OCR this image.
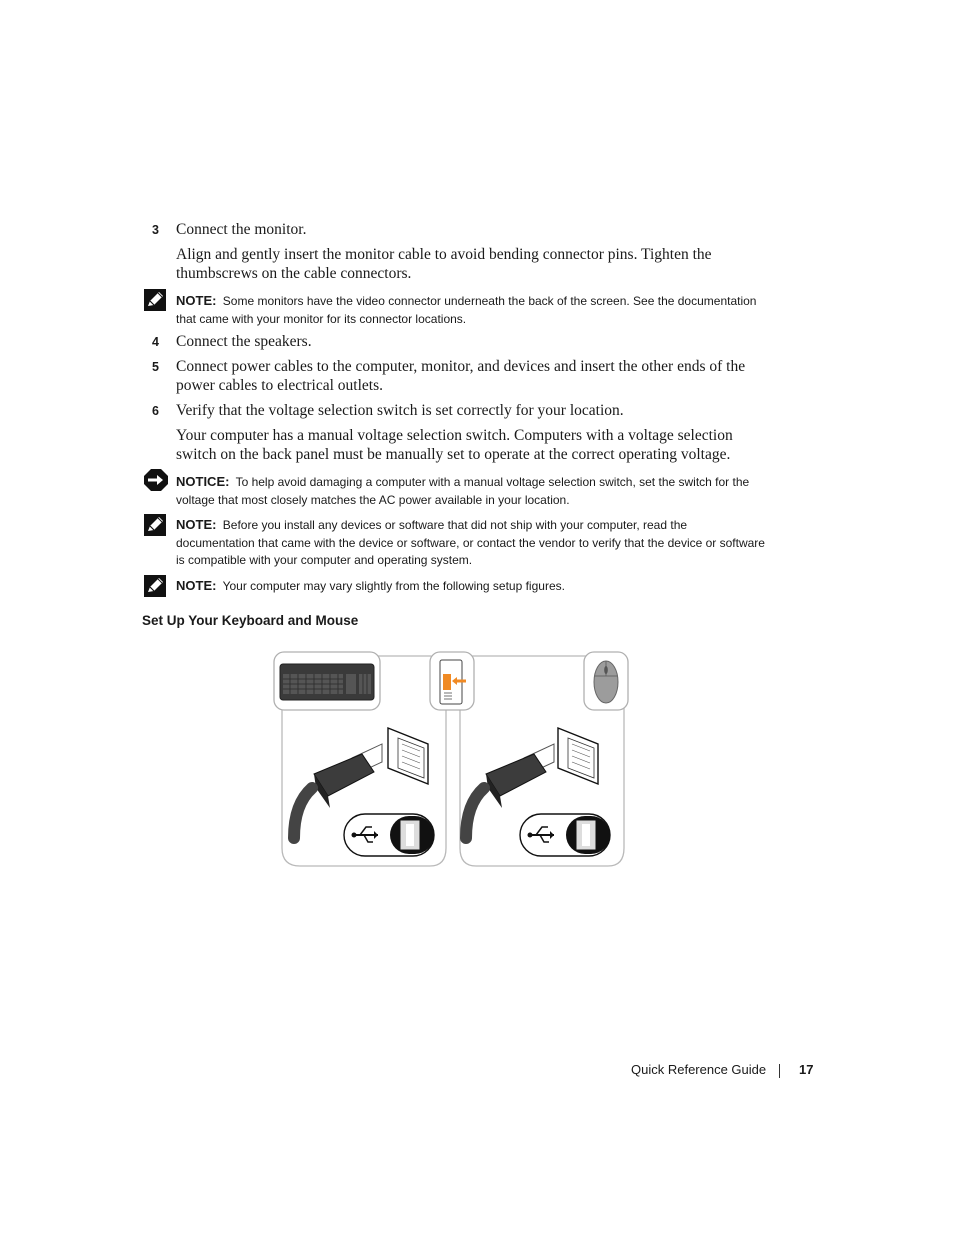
3	Connect the monitor.
Align and gently insert the monitor cable to avoid bending connector pins. Tighten the thumbscrews on the cable connectors.
NOTE: Some monitors have the video connector underneath the back of the screen. See the documentation that came with your monitor for its connector locations.
4	Connect the speakers.
5	Connect power cables to the computer, monitor, and devices and insert the other ends of the power cables to electrical outlets.
6	Verify that the voltage selection switch is set correctly for your location.
Your computer has a manual voltage selection switch. Computers with a voltage selection switch on the back panel must be manually set to operate at the correct operating voltage.
NOTICE: To help avoid damaging a computer with a manual voltage selection switch, set the switch for the voltage that most closely matches the AC power available in your location.
NOTE: Before you install any devices or software that did not ship with your computer, read the documentation that came with the device or software, or contact the vendor to verify that the device or software is compatible with your computer and operating system.
NOTE: Your computer may vary slightly from the following setup figures.
Set Up Your Keyboard and Mouse
Quick Reference Guide	17
